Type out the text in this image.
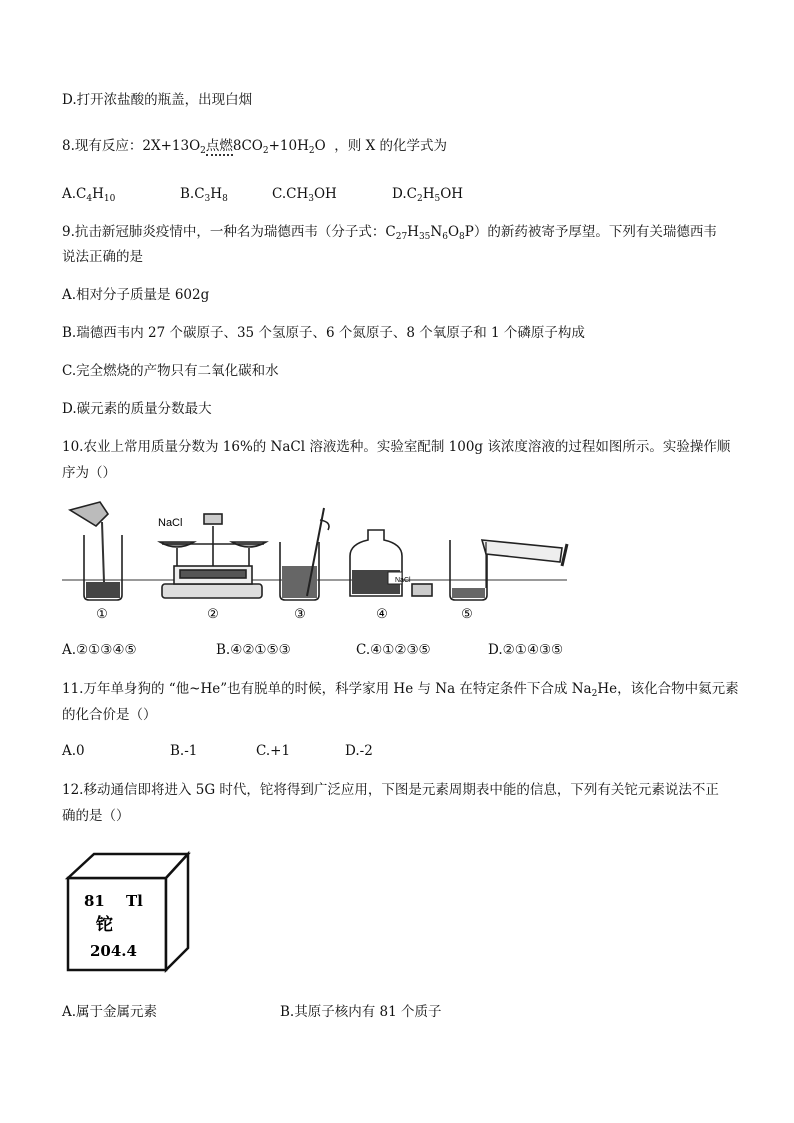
D.打开浓盐酸的瓶盖，出现白烟
8.现有反应：$2X+13O_2$点燃$8CO_2+10H_2O$ ，则 X 的化学式为
$A.C_4H_{10}$	$B.C_3H_8$	$C.CH_3OH$	$D.C_2H_5OH$
9.抗击新冠肺炎疫情中，一种名为瑞德西韦（分子式：$C_{27}H_{35}N_6O_8P$）的新药被寄予厚望。下列有关瑞德西韦
说法正确的是
A.相对分子质量是 602g
B.瑞德西韦内 27 个碳原子、35 个氢原子、6 个氮原子、8 个氧原子和 1 个磷原子构成
C.完全燃烧的产物只有二氧化碳和水
D.碳元素的质量分数最大
10.农业上常用质量分数为 16%的 NaCl 溶液选种。实验室配制 100g 该浓度溶液的过程如图所示。实验操作顺
序为（）
①
NaCl
②	③
NaCl
④	⑤
A.②①③④⑤	B.④②①⑤③	C.④①②③⑤	D.②①④③⑤
11.万年单身狗的 “他~He”也有脱单的时候，科学家用 He 与 Na 在特定条件下合成 $Na_2He$，该化合物中氦元素
的化合价是（）
A.0	B.-1	C.+1	D.-2
12.移动通信即将进入 5G 时代，铊将得到广泛应用，下图是元素周期表中能的信息，下列有关铊元素说法不正
确的是（）
81 Tl
铊
204.4
A.属于金属元素	B.其原子核内有 81 个质子
